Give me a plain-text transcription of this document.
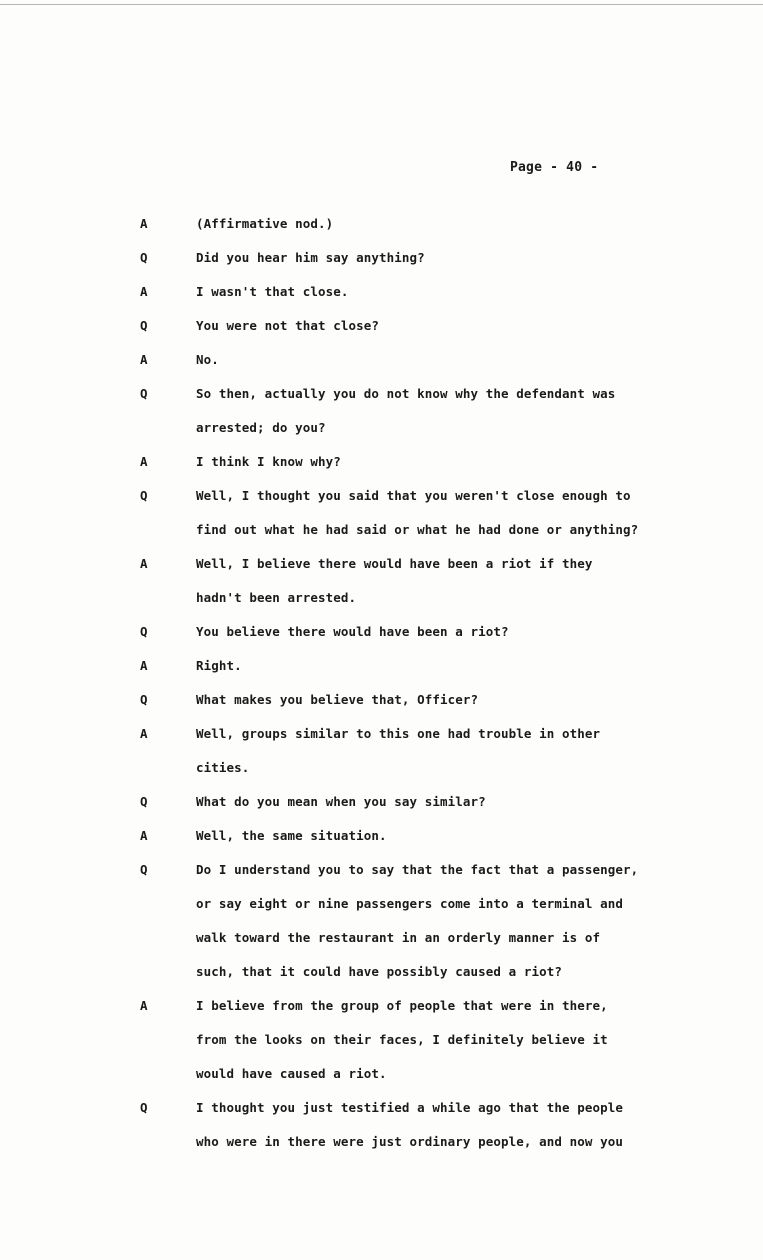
Page - 40 -
A	(Affirmative nod.)
Q	Did you hear him say anything?
A	I wasn't that close.
Q	You were not that close?
A	No.
Q	So then, actually you do not know why the defendant was
arrested; do you?
A	I think I know why?
Q	Well, I thought you said that you weren't close enough to
find out what he had said or what he had done or anything?
A	Well, I believe there would have been a riot if they
hadn't been arrested.
Q	You believe there would have been a riot?
A	Right.
Q	What makes you believe that, Officer?
A	Well, groups similar to this one had trouble in other
cities.
Q	What do you mean when you say similar?
A	Well, the same situation.
Q	Do I understand you to say that the fact that a passenger,
or say eight or nine passengers come into a terminal and
walk toward the restaurant in an orderly manner is of
such, that it could have possibly caused a riot?
A	I believe from the group of people that were in there,
from the looks on their faces, I definitely believe it
would have caused a riot.
Q	I thought you just testified a while ago that the people
who were in there were just ordinary people, and now you
